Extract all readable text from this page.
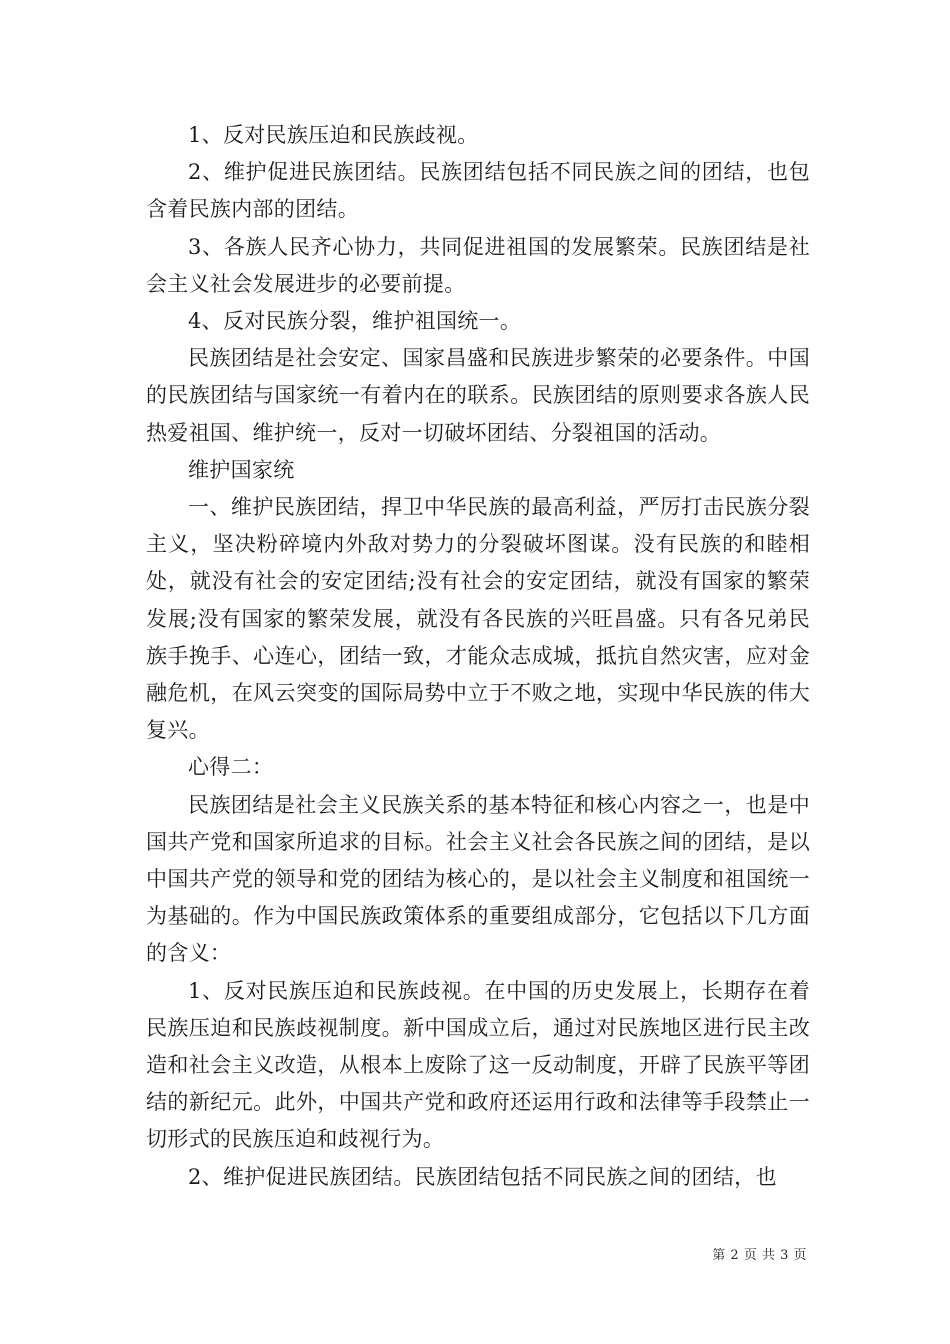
1、反对民族压迫和民族歧视。

2、维护促进民族团结。民族团结包括不同民族之间的团结，也包含着民族内部的团结。

3、各族人民齐心协力，共同促进祖国的发展繁荣。民族团结是社会主义社会发展进步的必要前提。

4、反对民族分裂，维护祖国统一。

民族团结是社会安定、国家昌盛和民族进步繁荣的必要条件。中国的民族团结与国家统一有着内在的联系。民族团结的原则要求各族人民热爱祖国、维护统一，反对一切破坏团结、分裂祖国的活动。

维护国家统

一、维护民族团结，捍卫中华民族的最高利益，严厉打击民族分裂主义，坚决粉碎境内外敌对势力的分裂破坏图谋。没有民族的和睦相处，就没有社会的安定团结;没有社会的安定团结，就没有国家的繁荣发展;没有国家的繁荣发展，就没有各民族的兴旺昌盛。只有各兄弟民族手挽手、心连心，团结一致，才能众志成城，抵抗自然灾害，应对金融危机，在风云突变的国际局势中立于不败之地，实现中华民族的伟大复兴。

心得二：

民族团结是社会主义民族关系的基本特征和核心内容之一，也是中国共产党和国家所追求的目标。社会主义社会各民族之间的团结，是以中国共产党的领导和党的团结为核心的，是以社会主义制度和祖国统一为基础的。作为中国民族政策体系的重要组成部分，它包括以下几方面的含义：

1、反对民族压迫和民族歧视。在中国的历史发展上，长期存在着民族压迫和民族歧视制度。新中国成立后，通过对民族地区进行民主改造和社会主义改造，从根本上废除了这一反动制度，开辟了民族平等团结的新纪元。此外，中国共产党和政府还运用行政和法律等手段禁止一切形式的民族压迫和歧视行为。

2、维护促进民族团结。民族团结包括不同民族之间的团结，也

第 2 页 共 3 页
